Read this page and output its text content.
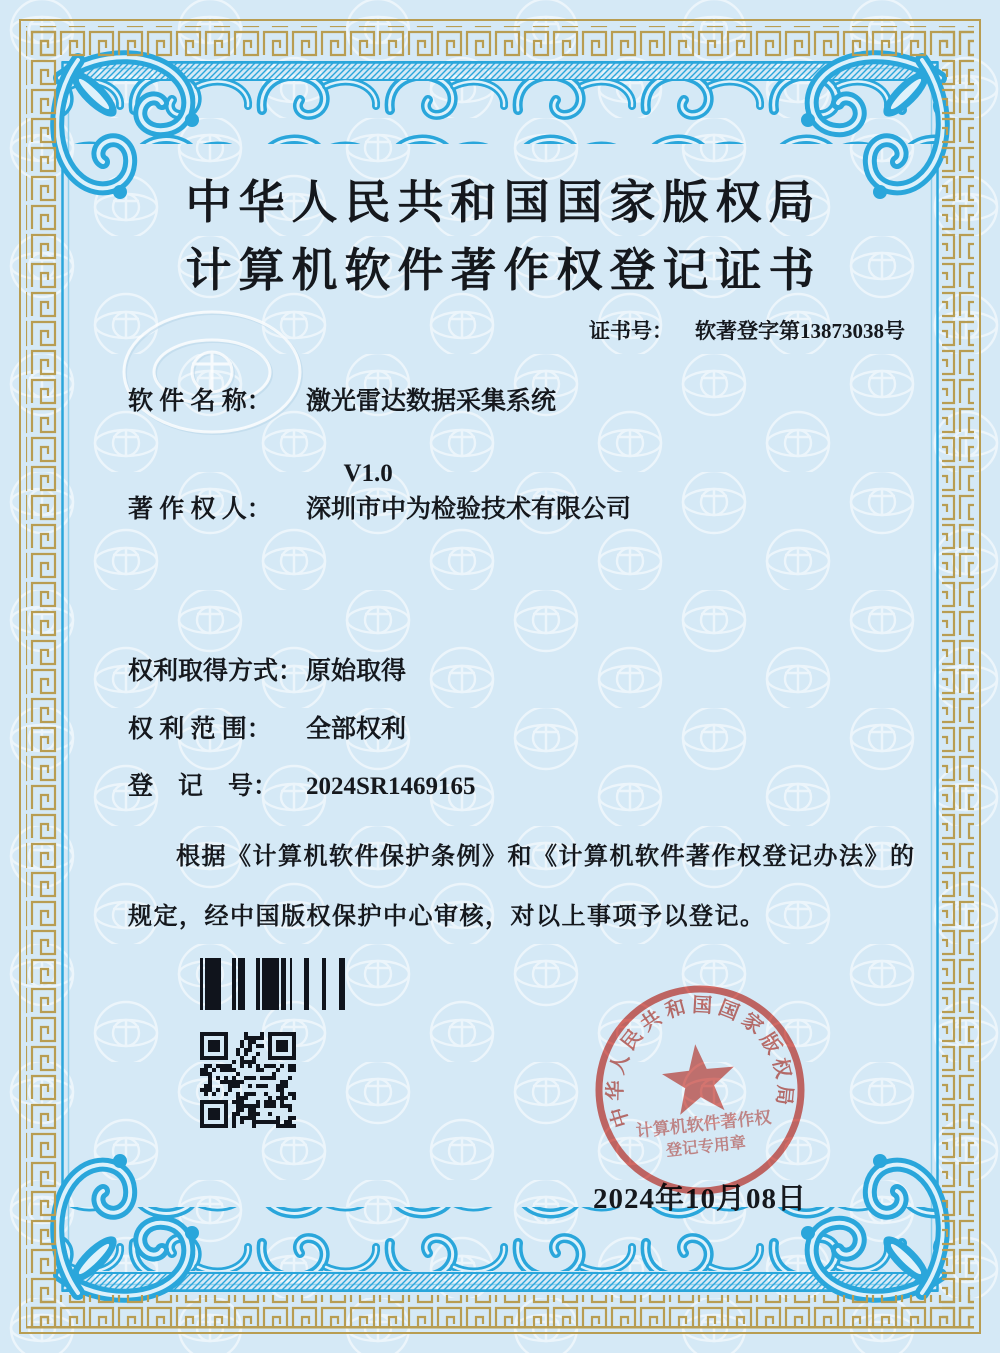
中华人民共和国国家版权局
计算机软件著作权登记证书
证书号： 软著登字第13873038号
软 件 名 称：	激光雷达数据采集系统

V1.0
著 作 权 人：	深圳市中为检验技术有限公司
权利取得方式： 原始取得
权 利 范 围：	全部权利
登　记　号：	2024SR1469165
根据《计算机软件保护条例》和《计算机软件著作权登记办法》的
规定，经中国版权保护中心审核，对以上事项予以登记。
中华人民共和国国家版权局
计算机软件著作权
登记专用章
2024年10月08日
